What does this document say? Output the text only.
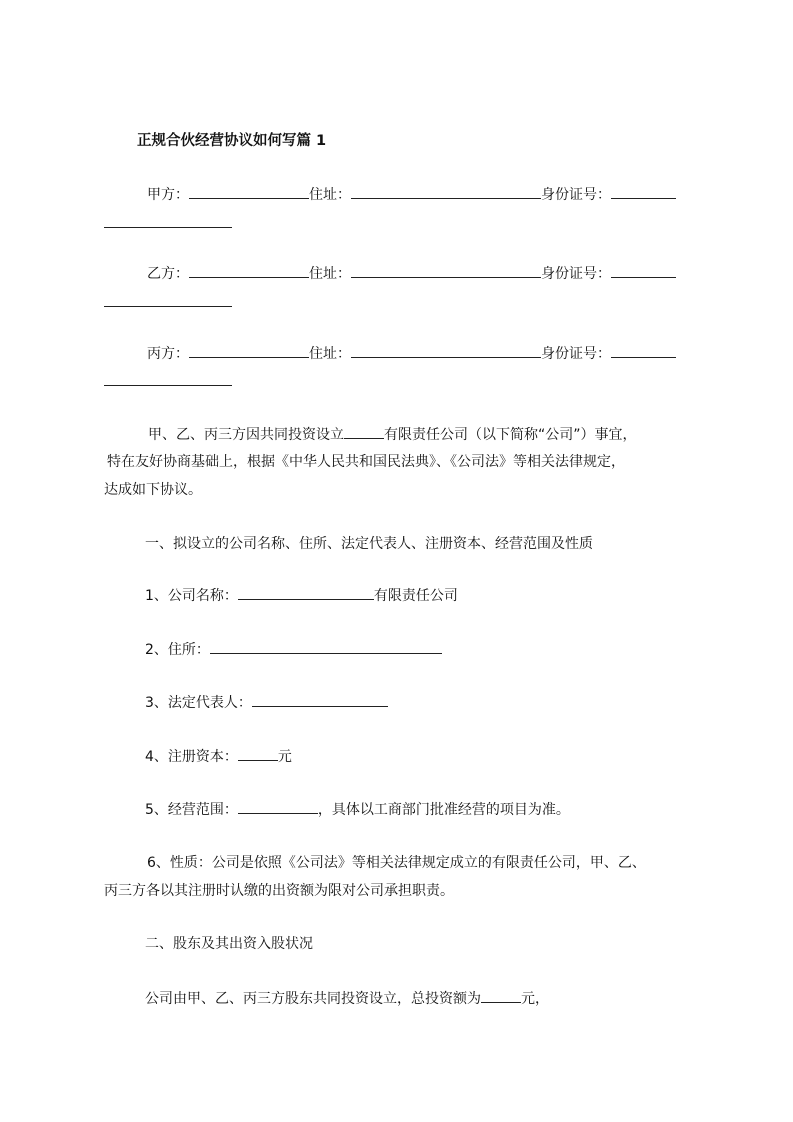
正规合伙经营协议如何写篇 1
甲方：	住址：	身份证号：
乙方：	住址：	身份证号：
丙方：	住址：	身份证号：
甲、乙、丙三方因共同投资设立	有限责任公司（以下简称“公司”）事宜，
特在友好协商基础上，根据《中华人民共和国民法典》、《公司法》等相关法律规定，
达成如下协议。
一、拟设立的公司名称、住所、法定代表人、注册资本、经营范围及性质
1、公司名称：	有限责任公司
2、住所：
3、法定代表人：
4、注册资本：	元
5、经营范围：	，具体以工商部门批准经营的项目为准。
6、性质：公司是依照《公司法》等相关法律规定成立的有限责任公司，甲、乙、
丙三方各以其注册时认缴的出资额为限对公司承担职责。
二、股东及其出资入股状况
公司由甲、乙、丙三方股东共同投资设立，总投资额为	元，
